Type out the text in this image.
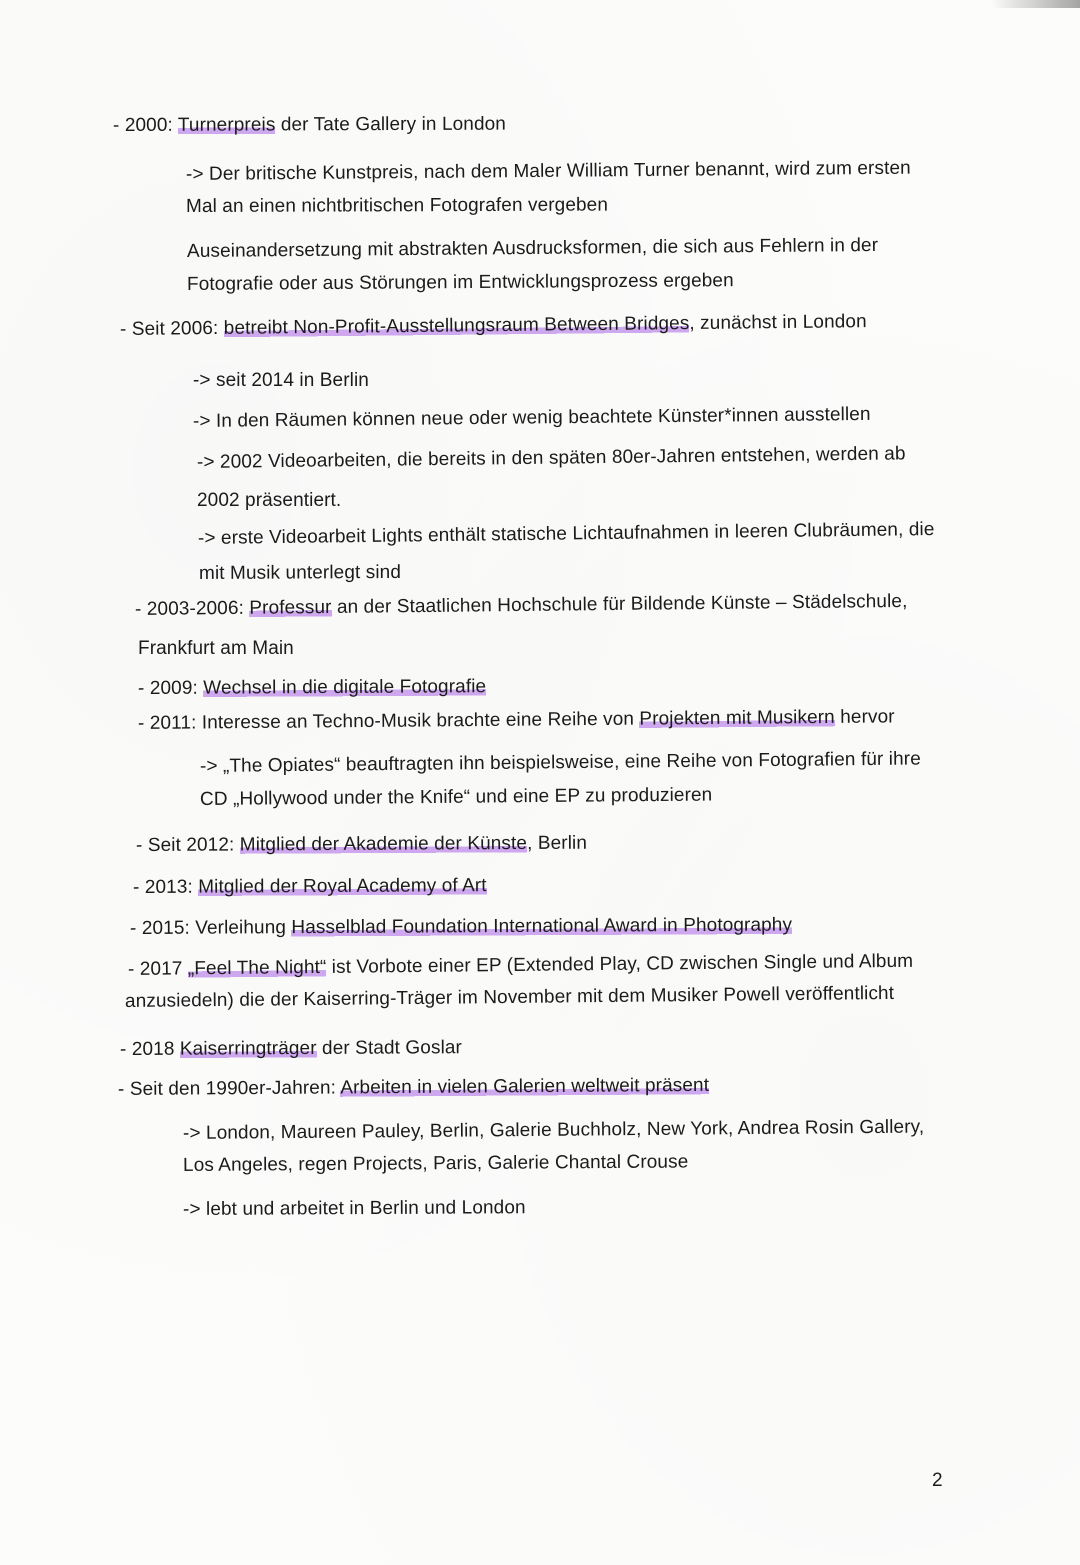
- 2000: Turnerpreis der Tate Gallery in London
-> Der britische Kunstpreis, nach dem Maler William Turner benannt, wird zum ersten
Mal an einen nichtbritischen Fotografen vergeben
Auseinandersetzung mit abstrakten Ausdrucksformen, die sich aus Fehlern in der
Fotografie oder aus Störungen im Entwicklungsprozess ergeben
- Seit 2006: betreibt Non-Profit-Ausstellungsraum Between Bridges, zunächst in London
-> seit 2014 in Berlin
-> In den Räumen können neue oder wenig beachtete Künster*innen ausstellen
-> 2002 Videoarbeiten, die bereits in den späten 80er-Jahren entstehen, werden ab
2002 präsentiert.
-> erste Videoarbeit Lights enthält statische Lichtaufnahmen in leeren Clubräumen, die
mit Musik unterlegt sind
- 2003-2006: Professur an der Staatlichen Hochschule für Bildende Künste – Städelschule,
Frankfurt am Main
- 2009: Wechsel in die digitale Fotografie
- 2011: Interesse an Techno-Musik brachte eine Reihe von Projekten mit Musikern hervor
-> „The Opiates“ beauftragten ihn beispielsweise, eine Reihe von Fotografien für ihre
CD „Hollywood under the Knife“ und eine EP zu produzieren
- Seit 2012: Mitglied der Akademie der Künste, Berlin
- 2013: Mitglied der Royal Academy of Art
- 2015: Verleihung Hasselblad Foundation International Award in Photography
- 2017 „Feel The Night“ ist Vorbote einer EP (Extended Play, CD zwischen Single und Album
anzusiedeln) die der Kaiserring-Träger im November mit dem Musiker Powell veröffentlicht
- 2018 Kaiserringträger der Stadt Goslar
- Seit den 1990er-Jahren: Arbeiten in vielen Galerien weltweit präsent
-> London, Maureen Pauley, Berlin, Galerie Buchholz, New York, Andrea Rosin Gallery,
Los Angeles, regen Projects, Paris, Galerie Chantal Crouse
-> lebt und arbeitet in Berlin und London
2
